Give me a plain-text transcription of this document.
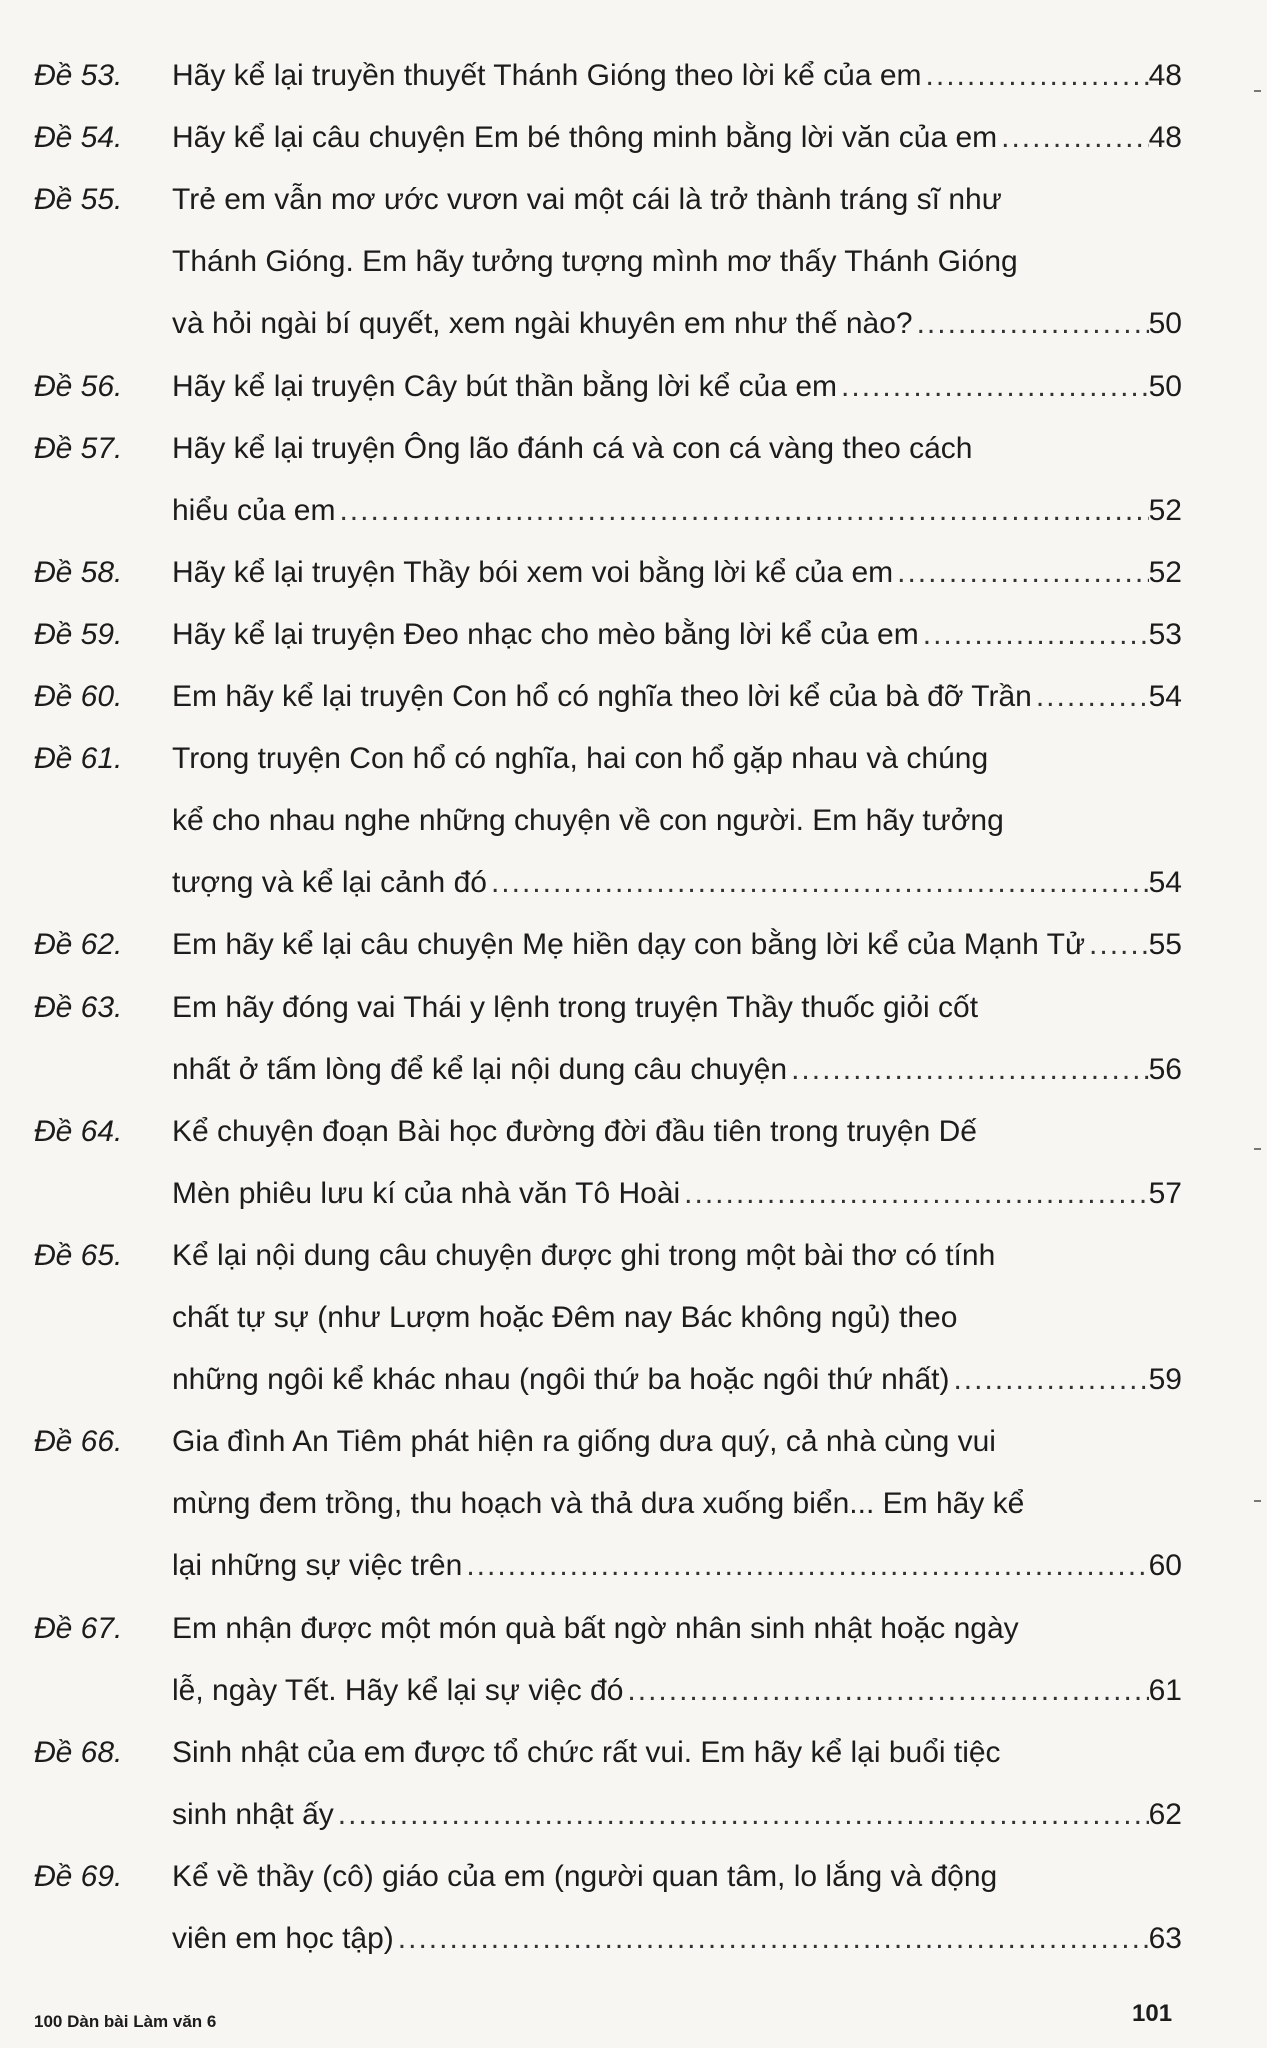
Đề 53. Hãy kể lại truyền thuyết Thánh Gióng theo lời kể của em .....	48
Đề 54. Hãy kể lại câu chuyện Em bé thông minh bằng lời văn của em .....	48
Đề 55. Trẻ em vẫn mơ ước vươn vai một cái là trở thành tráng sĩ như
Thánh Gióng. Em hãy tưởng tượng mình mơ thấy Thánh Gióng
và hỏi ngài bí quyết, xem ngài khuyên em như thế nào? .....	50
Đề 56. Hãy kể lại truyện Cây bút thần bằng lời kể của em .....	50
Đề 57. Hãy kể lại truyện Ông lão đánh cá và con cá vàng theo cách
hiểu của em .....	52
Đề 58. Hãy kể lại truyện Thầy bói xem voi bằng lời kể của em .....	52
Đề 59. Hãy kể lại truyện Đeo nhạc cho mèo bằng lời kể của em .....	53
Đề 60. Em hãy kể lại truyện Con hổ có nghĩa theo lời kể của bà đỡ Trần .....	54
Đề 61. Trong truyện Con hổ có nghĩa, hai con hổ gặp nhau và chúng
kể cho nhau nghe những chuyện về con người. Em hãy tưởng
tượng và kể lại cảnh đó .....	54
Đề 62. Em hãy kể lại câu chuyện Mẹ hiền dạy con bằng lời kể của Mạnh Tử ..... 55
Đề 63. Em hãy đóng vai Thái y lệnh trong truyện Thầy thuốc giỏi cốt
nhất ở tấm lòng để kể lại nội dung câu chuyện .....	56
Đề 64. Kể chuyện đoạn Bài học đường đời đầu tiên trong truyện Dế
Mèn phiêu lưu kí của nhà văn Tô Hoài .....	57
Đề 65. Kể lại nội dung câu chuyện được ghi trong một bài thơ có tính
chất tự sự (như Lượm hoặc Đêm nay Bác không ngủ) theo
những ngôi kể khác nhau (ngôi thứ ba hoặc ngôi thứ nhất) .....	59
Đề 66. Gia đình An Tiêm phát hiện ra giống dưa quý, cả nhà cùng vui
mừng đem trồng, thu hoạch và thả dưa xuống biển... Em hãy kể
lại những sự việc trên .....	60
Đề 67. Em nhận được một món quà bất ngờ nhân sinh nhật hoặc ngày
lễ, ngày Tết. Hãy kể lại sự việc đó .....	61
Đề 68. Sinh nhật của em được tổ chức rất vui. Em hãy kể lại buổi tiệc
sinh nhật ấy .....	62
Đề 69. Kể về thầy (cô) giáo của em (người quan tâm, lo lắng và động
viên em học tập) .....	63
100 Dàn bài Làm văn 6	101
